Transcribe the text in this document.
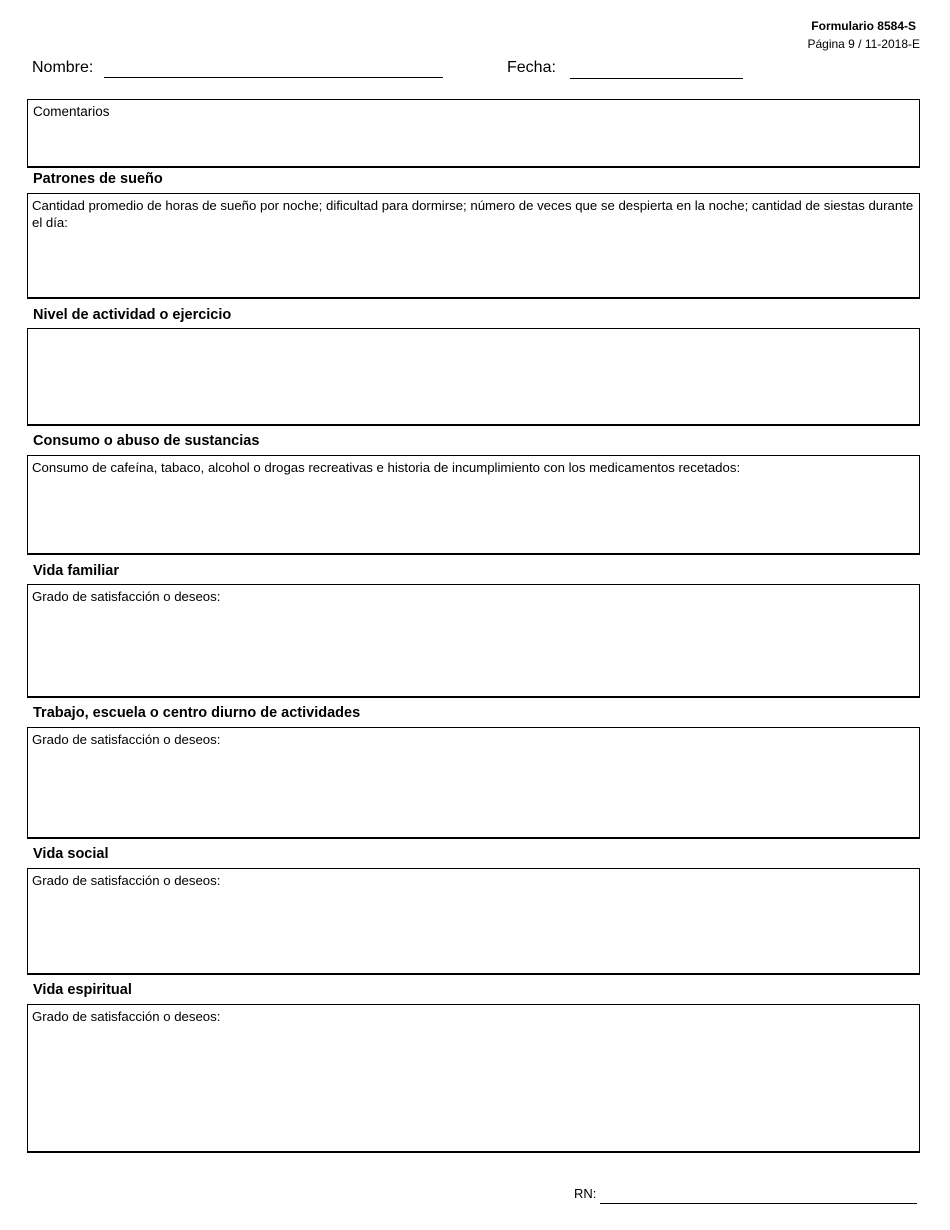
Formulario 8584-S
Página 9 / 11-2018-E
Nombre:	Fecha:
Comentarios
Patrones de sueño
Cantidad promedio de horas de sueño por noche; dificultad para dormirse; número de veces que se despierta en la noche; cantidad de siestas durante el día:
Nivel de actividad o ejercicio
Consumo o abuso de sustancias
Consumo de cafeína, tabaco, alcohol o drogas recreativas e historia de incumplimiento con los medicamentos recetados:
Vida familiar
Grado de satisfacción o deseos:
Trabajo, escuela o centro diurno de actividades
Grado de satisfacción o deseos:
Vida social
Grado de satisfacción o deseos:
Vida espiritual
Grado de satisfacción o deseos:
RN:
